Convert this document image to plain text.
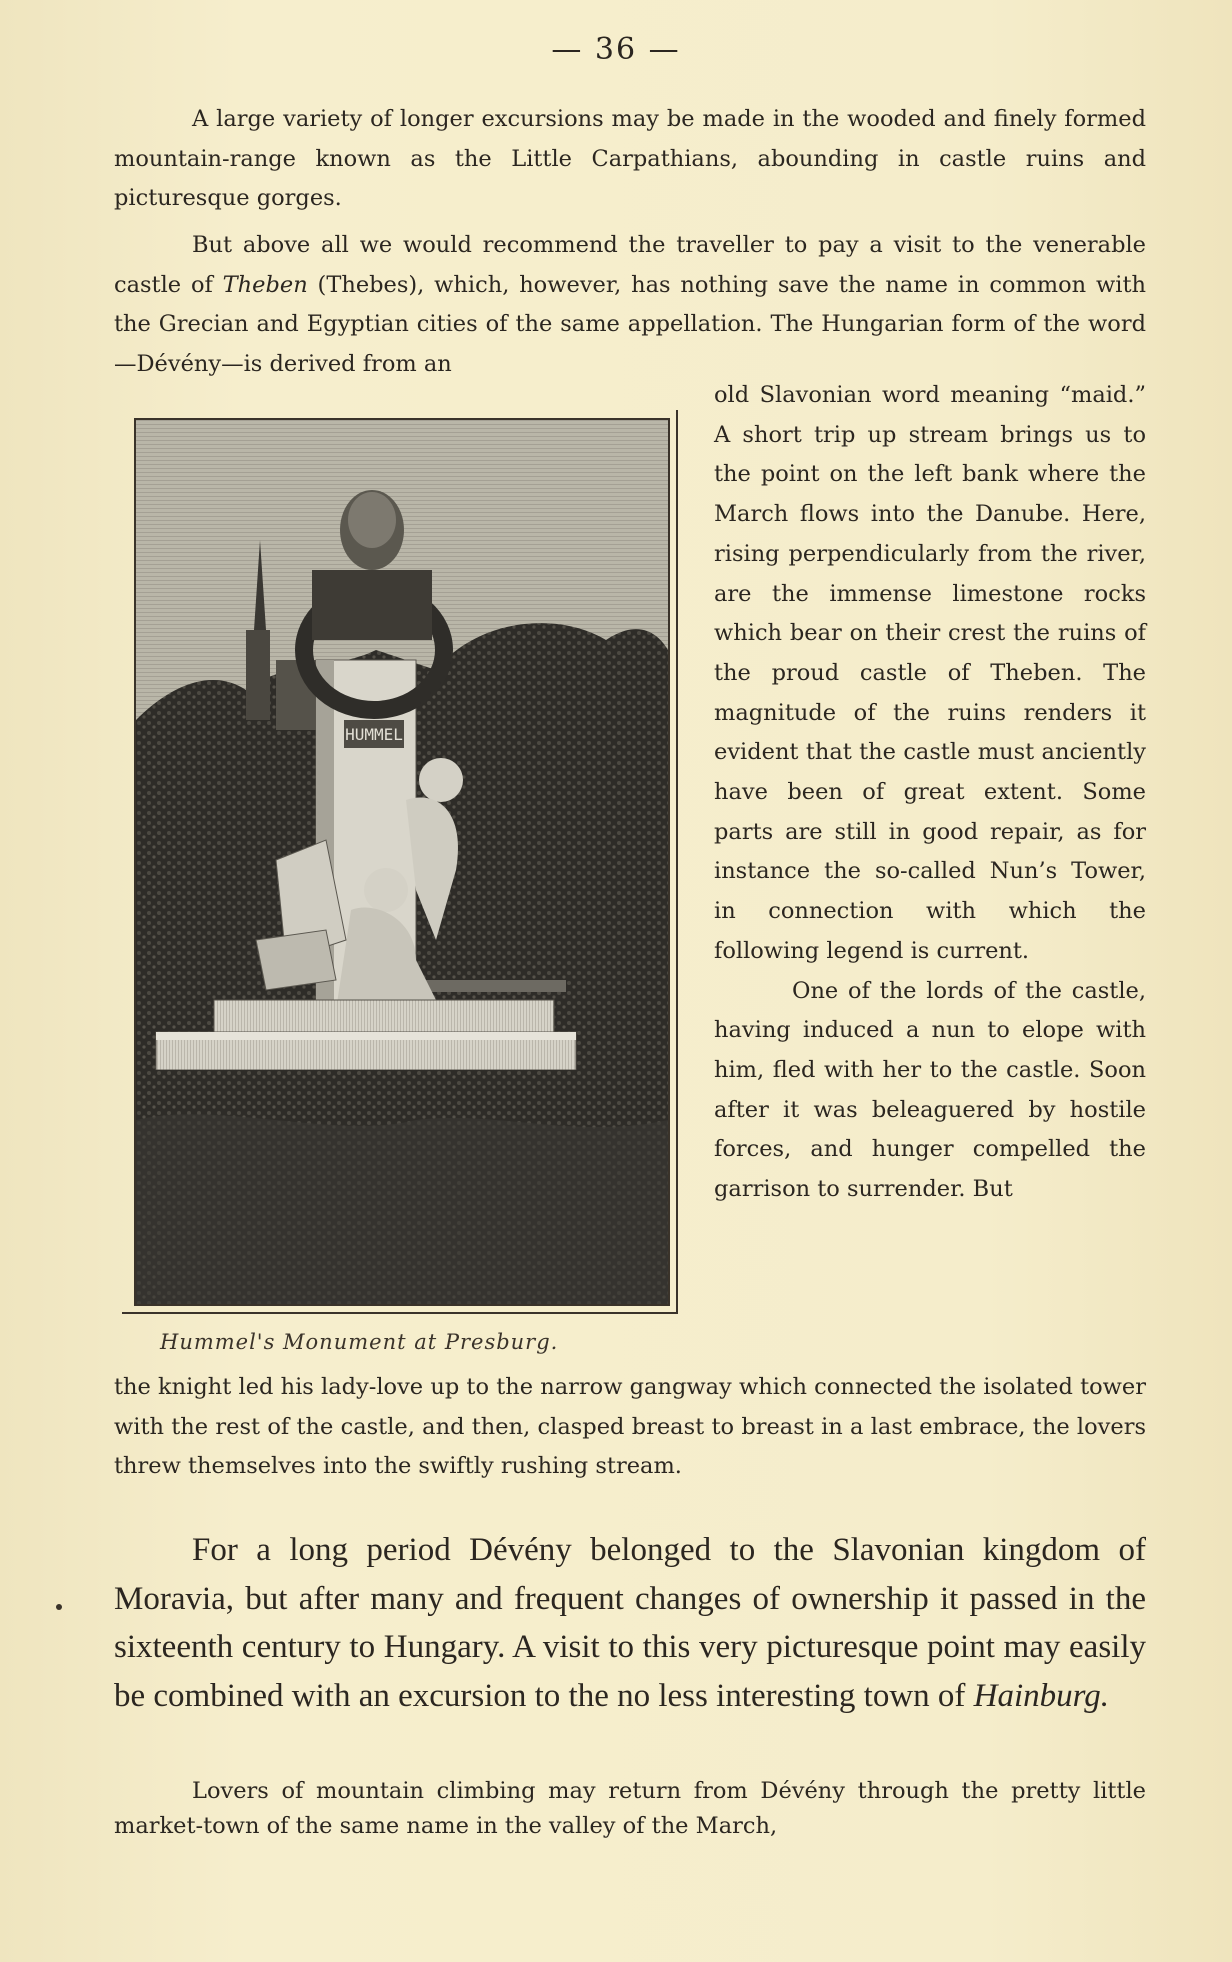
— 36 —

A large variety of longer excursions may be made in the wooded and finely formed mountain-range known as the Little Carpathians, abounding in castle ruins and picturesque gorges.

But above all we would recommend the traveller to pay a visit to the venerable castle of Theben (Thebes), which, however, has nothing save the name in common with the Grecian and Egyptian cities of the same appellation. The Hungarian form of the word—Dévény—is derived from an

HUMMEL
Hummel's Monument at Presburg.
old Slavonian word meaning “maid.” A short trip up stream brings us to the point on the left bank where the March flows into the Danube. Here, rising perpendicularly from the river, are the immense limestone rocks which bear on their crest the ruins of the proud castle of Theben. The magnitude of the ruins renders it evident that the castle must anciently have been of great extent. Some parts are still in good repair, as for instance the so-called Nun’s Tower, in connection with which the following legend is current.
One of the lords of the castle, having induced a nun to elope with him, fled with her to the castle. Soon after it was beleaguered by hostile forces, and hunger compelled the garrison to surrender. But

the knight led his lady-love up to the narrow gangway which connected the isolated tower with the rest of the castle, and then, clasped breast to breast in a last embrace, the lovers threw themselves into the swiftly rushing stream.

For a long period Dévény belonged to the Slavonian kingdom of Moravia, but after many and frequent changes of ownership it passed in the sixteenth century to Hungary. A visit to this very picturesque point may easily be combined with an excursion to the no less interesting town of Hainburg.

Lovers of mountain climbing may return from Dévény through the pretty little market-town of the same name in the valley of the March,
